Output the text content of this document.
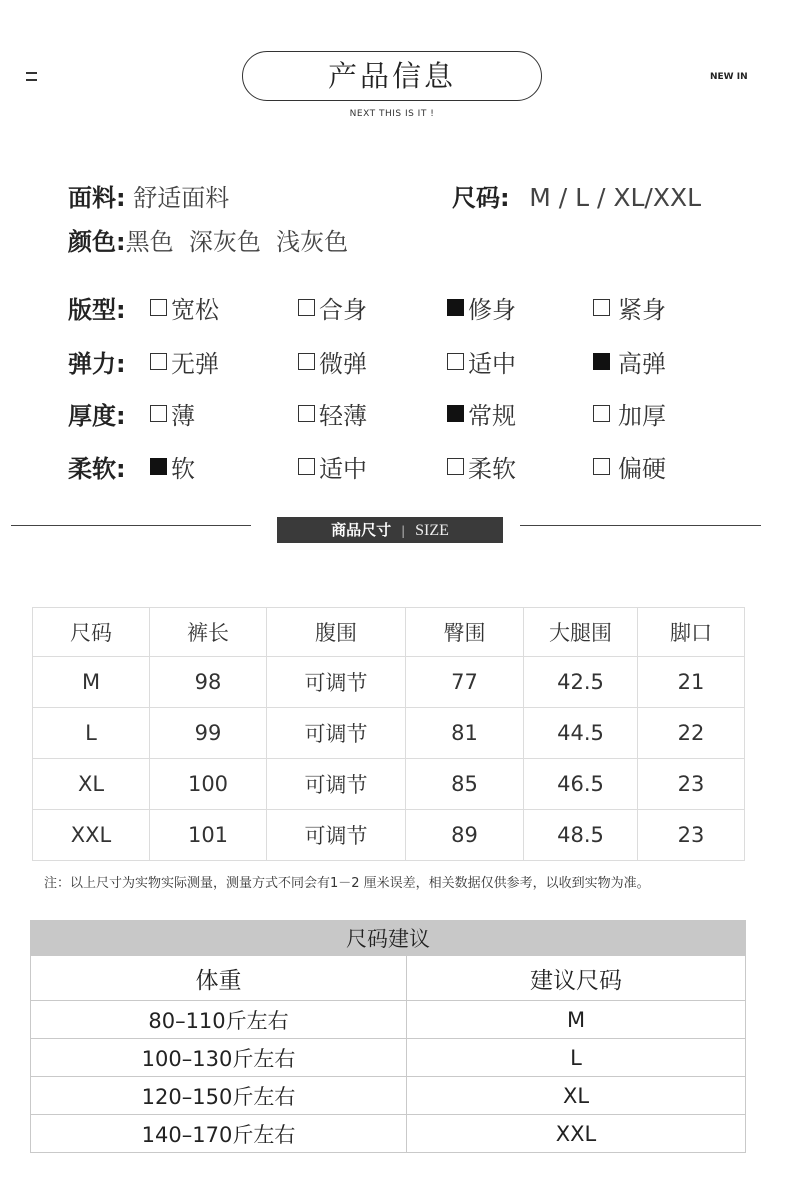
产品信息
NEXT THIS IS IT !
NEW IN
面料: 舒适面料	尺码: M / L / XL/XXL
颜色:黑色  深灰色  浅灰色
版型: 宽松	合身	修身	紧身
弹力: 无弹	微弹	适中	高弹
厚度: 薄	轻薄	常规	加厚
柔软: 软	适中	柔软	偏硬
商品尺寸 | SIZE
尺码	裤长	腹围	臀围	大腿围	脚口
M	98	可调节	77	42.5	21
L	99	可调节	81	44.5	22
XL	100	可调节	85	46.5	23
XXL	101	可调节	89	48.5	23
注：以上尺寸为实物实际测量，测量方式不同会有1－2 厘米误差，相关数据仅供参考，以收到实物为准。
尺码建议	
体重	建议尺码
80–110斤左右	M
100–130斤左右	L
120–150斤左右	XL
140–170斤左右	XXL
